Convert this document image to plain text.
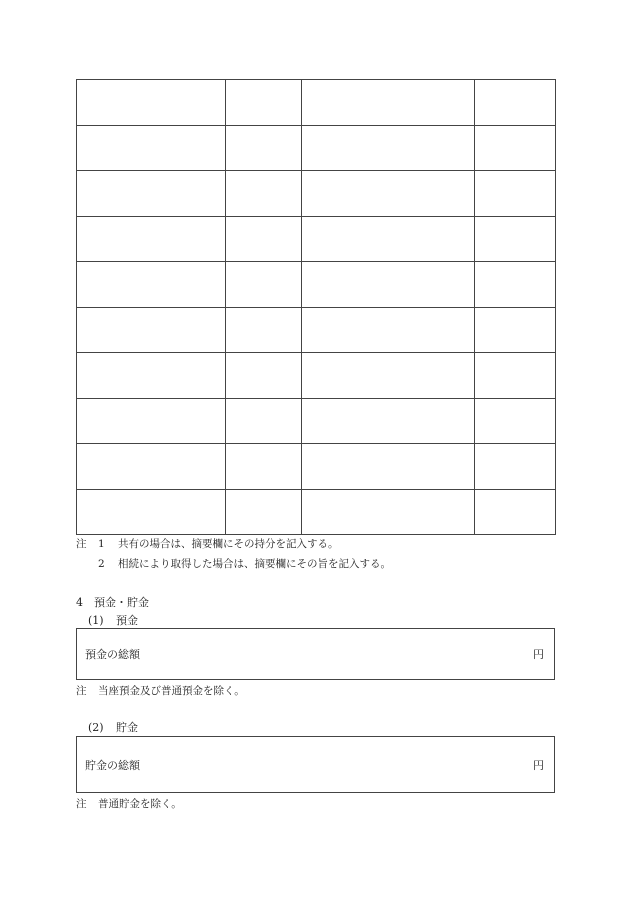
注 1 共有の場合は、摘要欄にその持分を記入する。
2 相続により取得した場合は、摘要欄にその旨を記入する。
4　預金・貯金
(1) 預金
預金の総額	円
注 当座預金及び普通預金を除く。
(2) 貯金
貯金の総額	円
注 普通貯金を除く。
